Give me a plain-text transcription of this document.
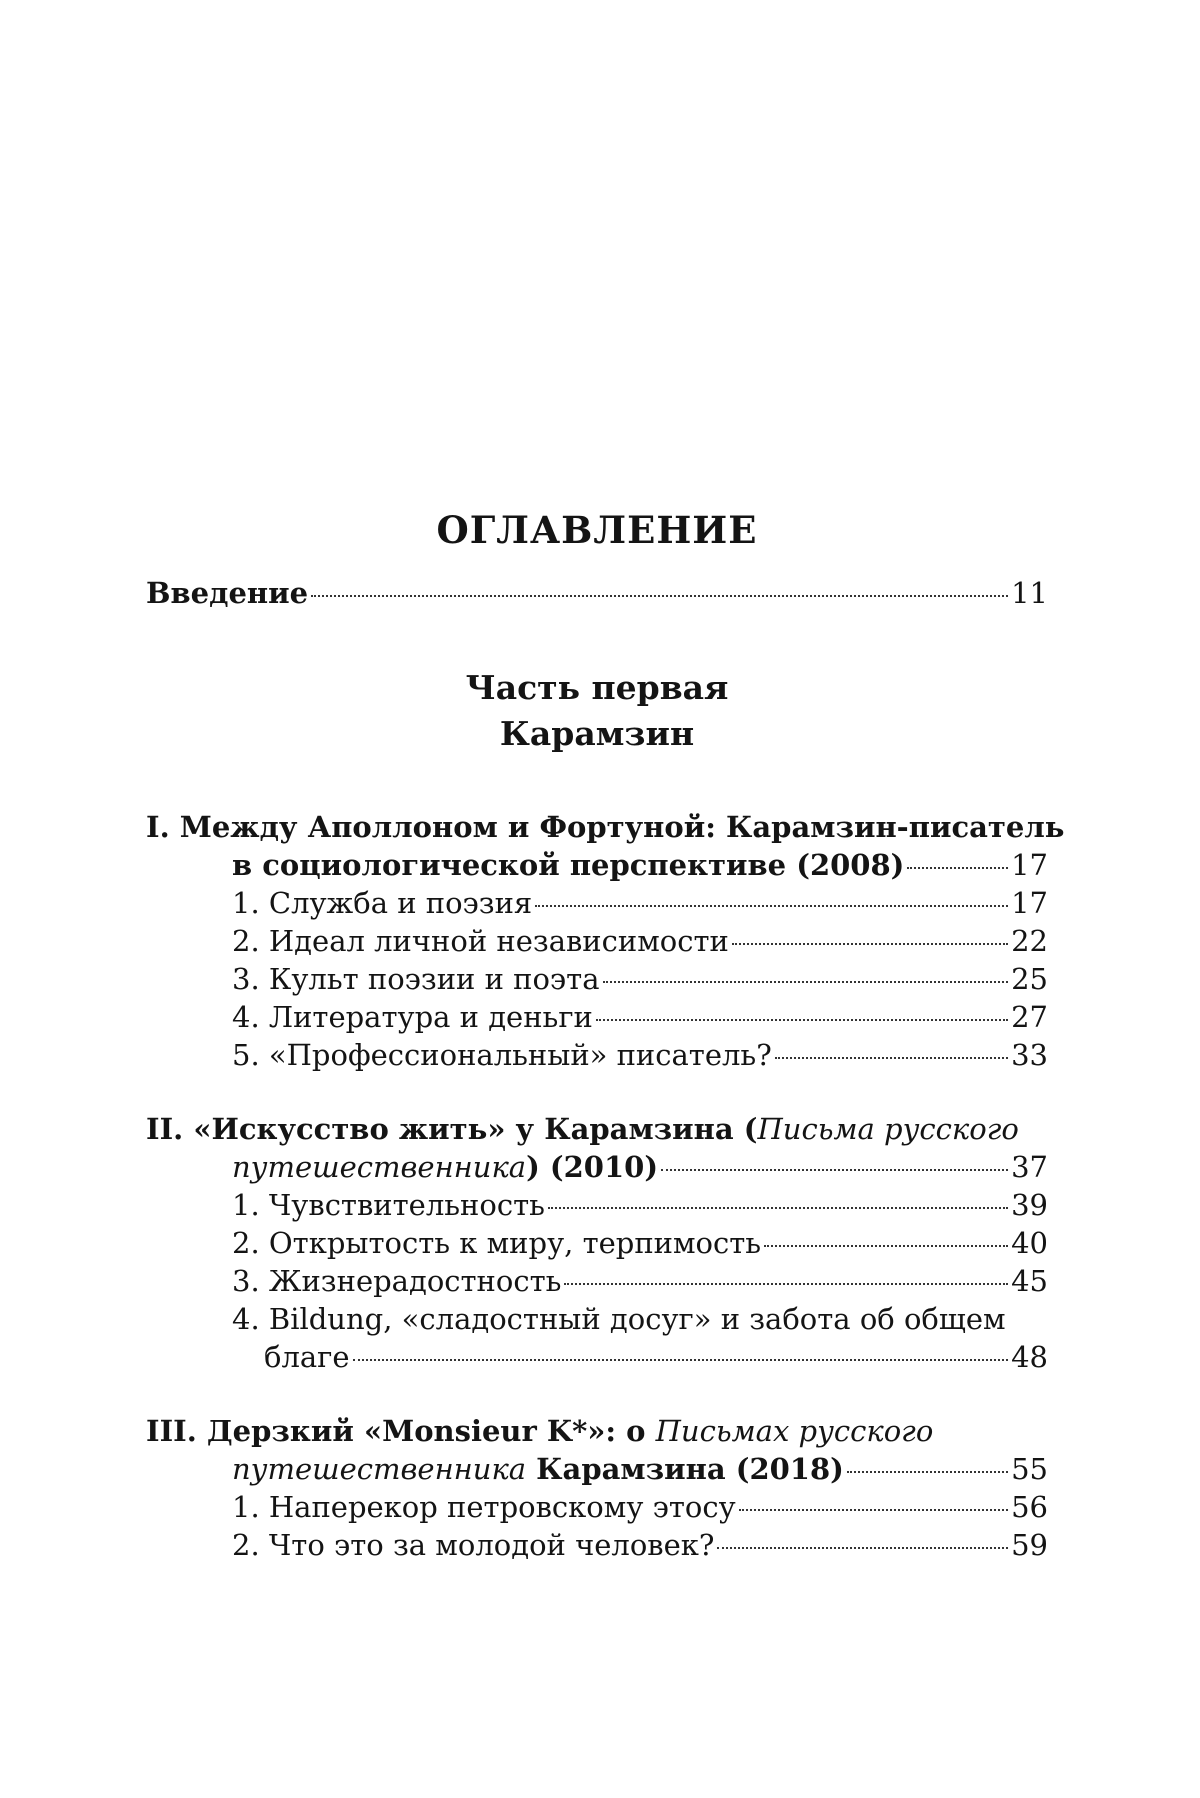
ОГЛАВЛЕНИЕ
Введение	11
Часть первая
Карамзин
I. Между Аполлоном и Фортуной: Карамзин-писатель
в социологической перспективе (2008)	17
1. Служба и поэзия	17
2. Идеал личной независимости	22
3. Культ поэзии и поэта	25
4. Литература и деньги	27
5. «Профессиональный» писатель?	33
II. «Искусство жить» у Карамзина (Письма русского
путешественника) (2010)	37
1. Чувствительность	39
2. Открытость к миру, терпимость	40
3. Жизнерадостность	45
4. Bildung, «сладостный досуг» и забота об общем
благе	48
III. Дерзкий «Monsieur K*»: о Письмах русского
путешественника Карамзина (2018)	55
1. Наперекор петровскому этосу	56
2. Что это за молодой человек?	59
